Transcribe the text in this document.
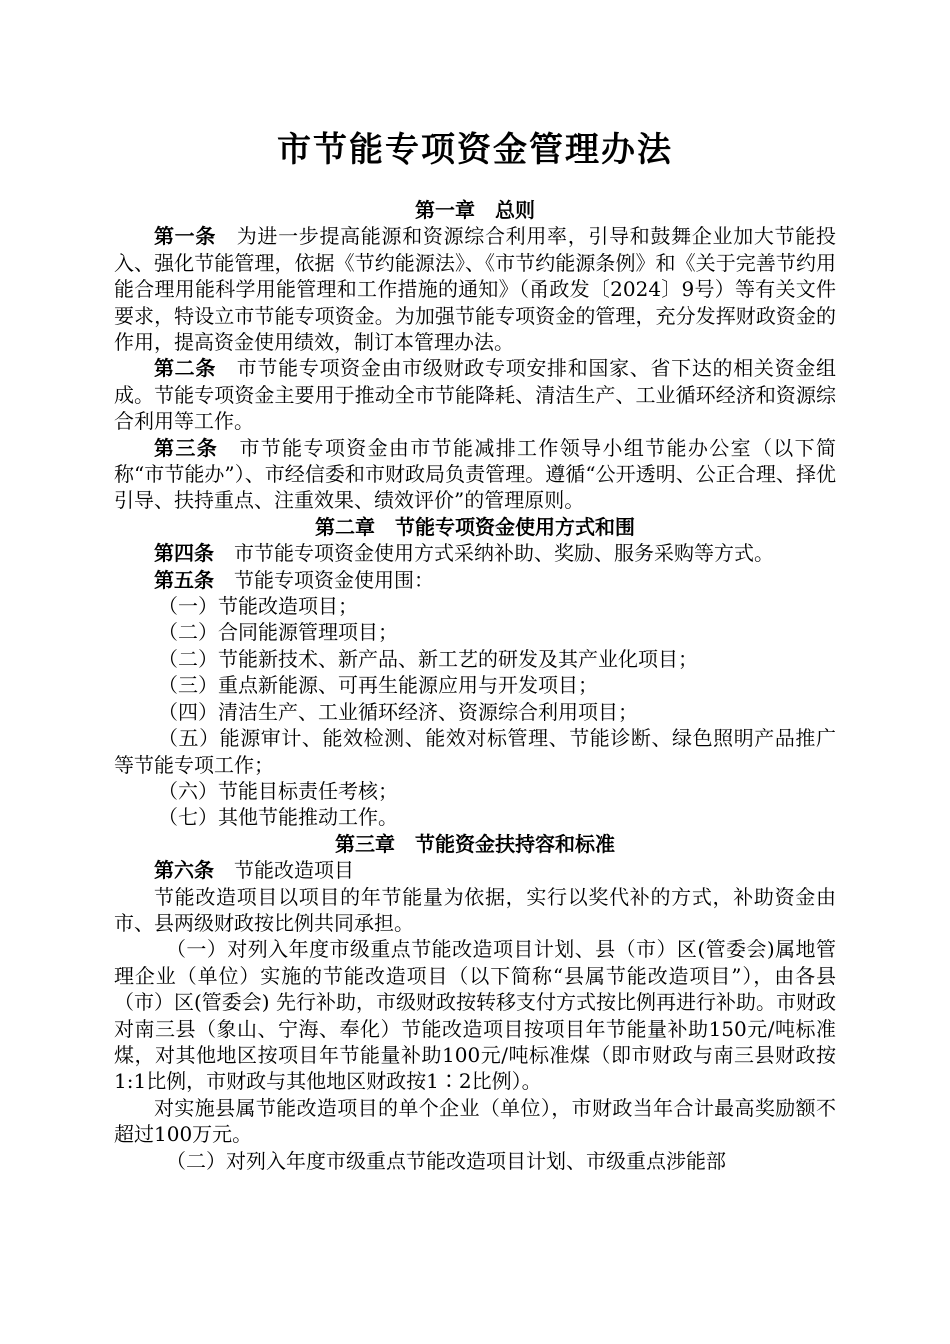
市节能专项资金管理办法
第一章　总则

第一条　 为进一步提高能源和资源综合利用率，引导和鼓舞企业加大节能投入、强化节能管理，依据《节约能源法》、《市节约能源条例》和《关于完善节约用能合理用能科学用能管理和工作措施的通知》（甬政发〔2024〕9号）等有关文件要求，特设立市节能专项资金。为加强节能专项资金的管理，充分发挥财政资金的作用，提高资金使用绩效，制订本管理办法。

第二条　 市节能专项资金由市级财政专项安排和国家、省下达的相关资金组成。节能专项资金主要用于推动全市节能降耗、清洁生产、工业循环经济和资源综合利用等工作。

第三条　 市节能专项资金由市节能减排工作领导小组节能办公室（以下简称“市节能办”）、市经信委和市财政局负责管理。遵循“公开透明、公正合理、择优引导、扶持重点、注重效果、绩效评价”的管理原则。

第二章　节能专项资金使用方式和围

第四条　 市节能专项资金使用方式采纳补助、奖励、服务采购等方式。

第五条　 节能专项资金使用围：

（一）节能改造项目；

（二）合同能源管理项目；

（二）节能新技术、新产品、新工艺的研发及其产业化项目；

（三）重点新能源、可再生能源应用与开发项目；

（四）清洁生产、工业循环经济、资源综合利用项目；

（五）能源审计、能效检测、能效对标管理、节能诊断、绿色照明产品推广等节能专项工作；

（六）节能目标责任考核；

（七）其他节能推动工作。

第三章　节能资金扶持容和标准

第六条　 节能改造项目

节能改造项目以项目的年节能量为依据，实行以奖代补的方式，补助资金由市、县两级财政按比例共同承担。

（一）对列入年度市级重点节能改造项目计划、县（市）区(管委会)属地管理企业（单位）实施的节能改造项目（以下简称“县属节能改造项目”），由各县（市）区(管委会) 先行补助，市级财政按转移支付方式按比例再进行补助。市财政对南三县（象山、宁海、奉化）节能改造项目按项目年节能量补助150元/吨标准煤，对其他地区按项目年节能量补助100元/吨标准煤（即市财政与南三县财政按1:1比例，市财政与其他地区财政按1∶2比例）。

对实施县属节能改造项目的单个企业（单位），市财政当年合计最高奖励额不超过100万元。

（二）对列入年度市级重点节能改造项目计划、市级重点涉能部
